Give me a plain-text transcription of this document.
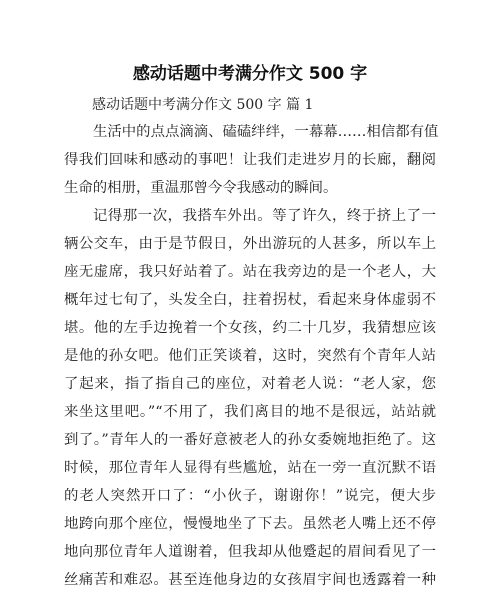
感动话题中考满分作文 500 字
感动话题中考满分作文 500 字 篇 1
生活中的点点滴滴、磕磕绊绊，一幕幕……相信都有值
得我们回味和感动的事吧！让我们走进岁月的长廊，翻阅
生命的相册，重温那曾今令我感动的瞬间。
记得那一次，我搭车外出。等了许久，终于挤上了一
辆公交车，由于是节假日，外出游玩的人甚多，所以车上
座无虚席，我只好站着了。站在我旁边的是一个老人，大
概年过七旬了，头发全白，拄着拐杖，看起来身体虚弱不
堪。他的左手边挽着一个女孩，约二十几岁，我猜想应该
是他的孙女吧。他们正笑谈着，这时，突然有个青年人站
了起来，指了指自己的座位，对着老人说：“老人家，您
来坐这里吧。”“不用了，我们离目的地不是很远，站站就
到了。”青年人的一番好意被老人的孙女委婉地拒绝了。这
时候，那位青年人显得有些尴尬，站在一旁一直沉默不语
的老人突然开口了：“小伙子，谢谢你！”说完，便大步
地跨向那个座位，慢慢地坐了下去。虽然老人嘴上还不停
地向那位青年人道谢着，但我却从他蹙起的眉间看见了一
丝痛苦和难忍。甚至连他身边的女孩眉宇间也透露着一种
